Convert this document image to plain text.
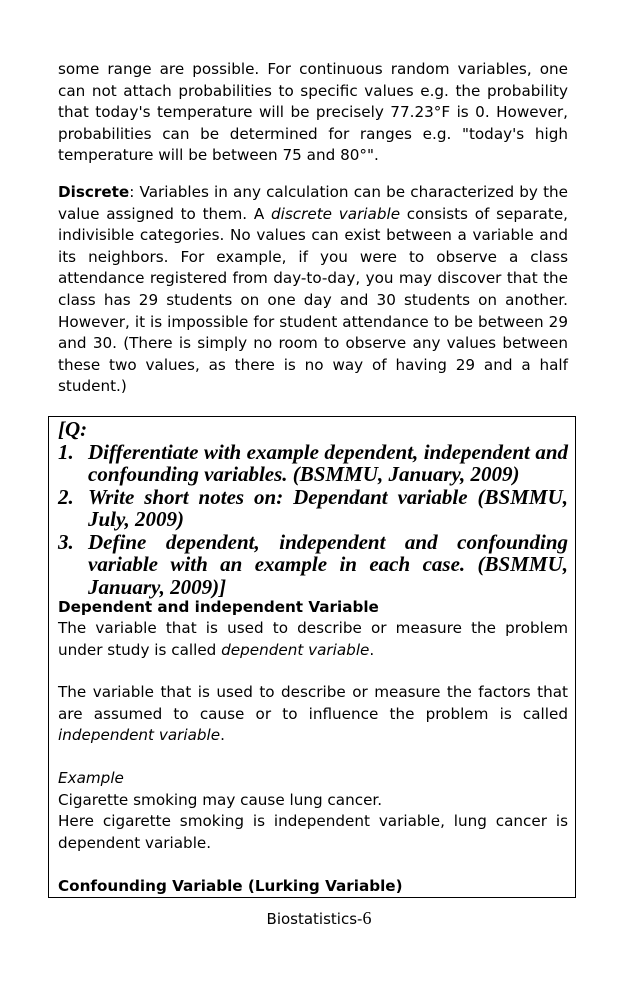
some range are possible. For continuous random variables, one can not attach probabilities to specific values e.g. the probability that today's temperature will be precisely 77.23°F is 0. However, probabilities can be determined for ranges e.g. "today's high temperature will be between 75 and 80°".

Discrete: Variables in any calculation can be characterized by the value assigned to them. A discrete variable consists of separate, indivisible categories. No values can exist between a variable and its neighbors. For example, if you were to observe a class attendance registered from day-to-day, you may discover that the class has 29 students on one day and 30 students on another. However, it is impossible for student attendance to be between 29 and 30. (There is simply no room to observe any values between these two values, as there is no way of having 29 and a half student.)

[Q:

1. Differentiate with example dependent, independent and confounding variables. (BSMMU, January, 2009)
2. Write short notes on: Dependant variable (BSMMU, July, 2009)
3. Define dependent, independent and confounding variable with an example in each case. (BSMMU, January, 2009)]

Dependent and independent Variable

The variable that is used to describe or measure the problem    under study is called dependent variable.

The variable that is used to describe or measure the factors that    are assumed to cause or to influence the problem is called    independent variable.

Example

Cigarette smoking may cause lung cancer.

Here cigarette smoking is independent variable, lung cancer is dependent variable.

Confounding Variable (Lurking Variable)

Biostatistics-6
